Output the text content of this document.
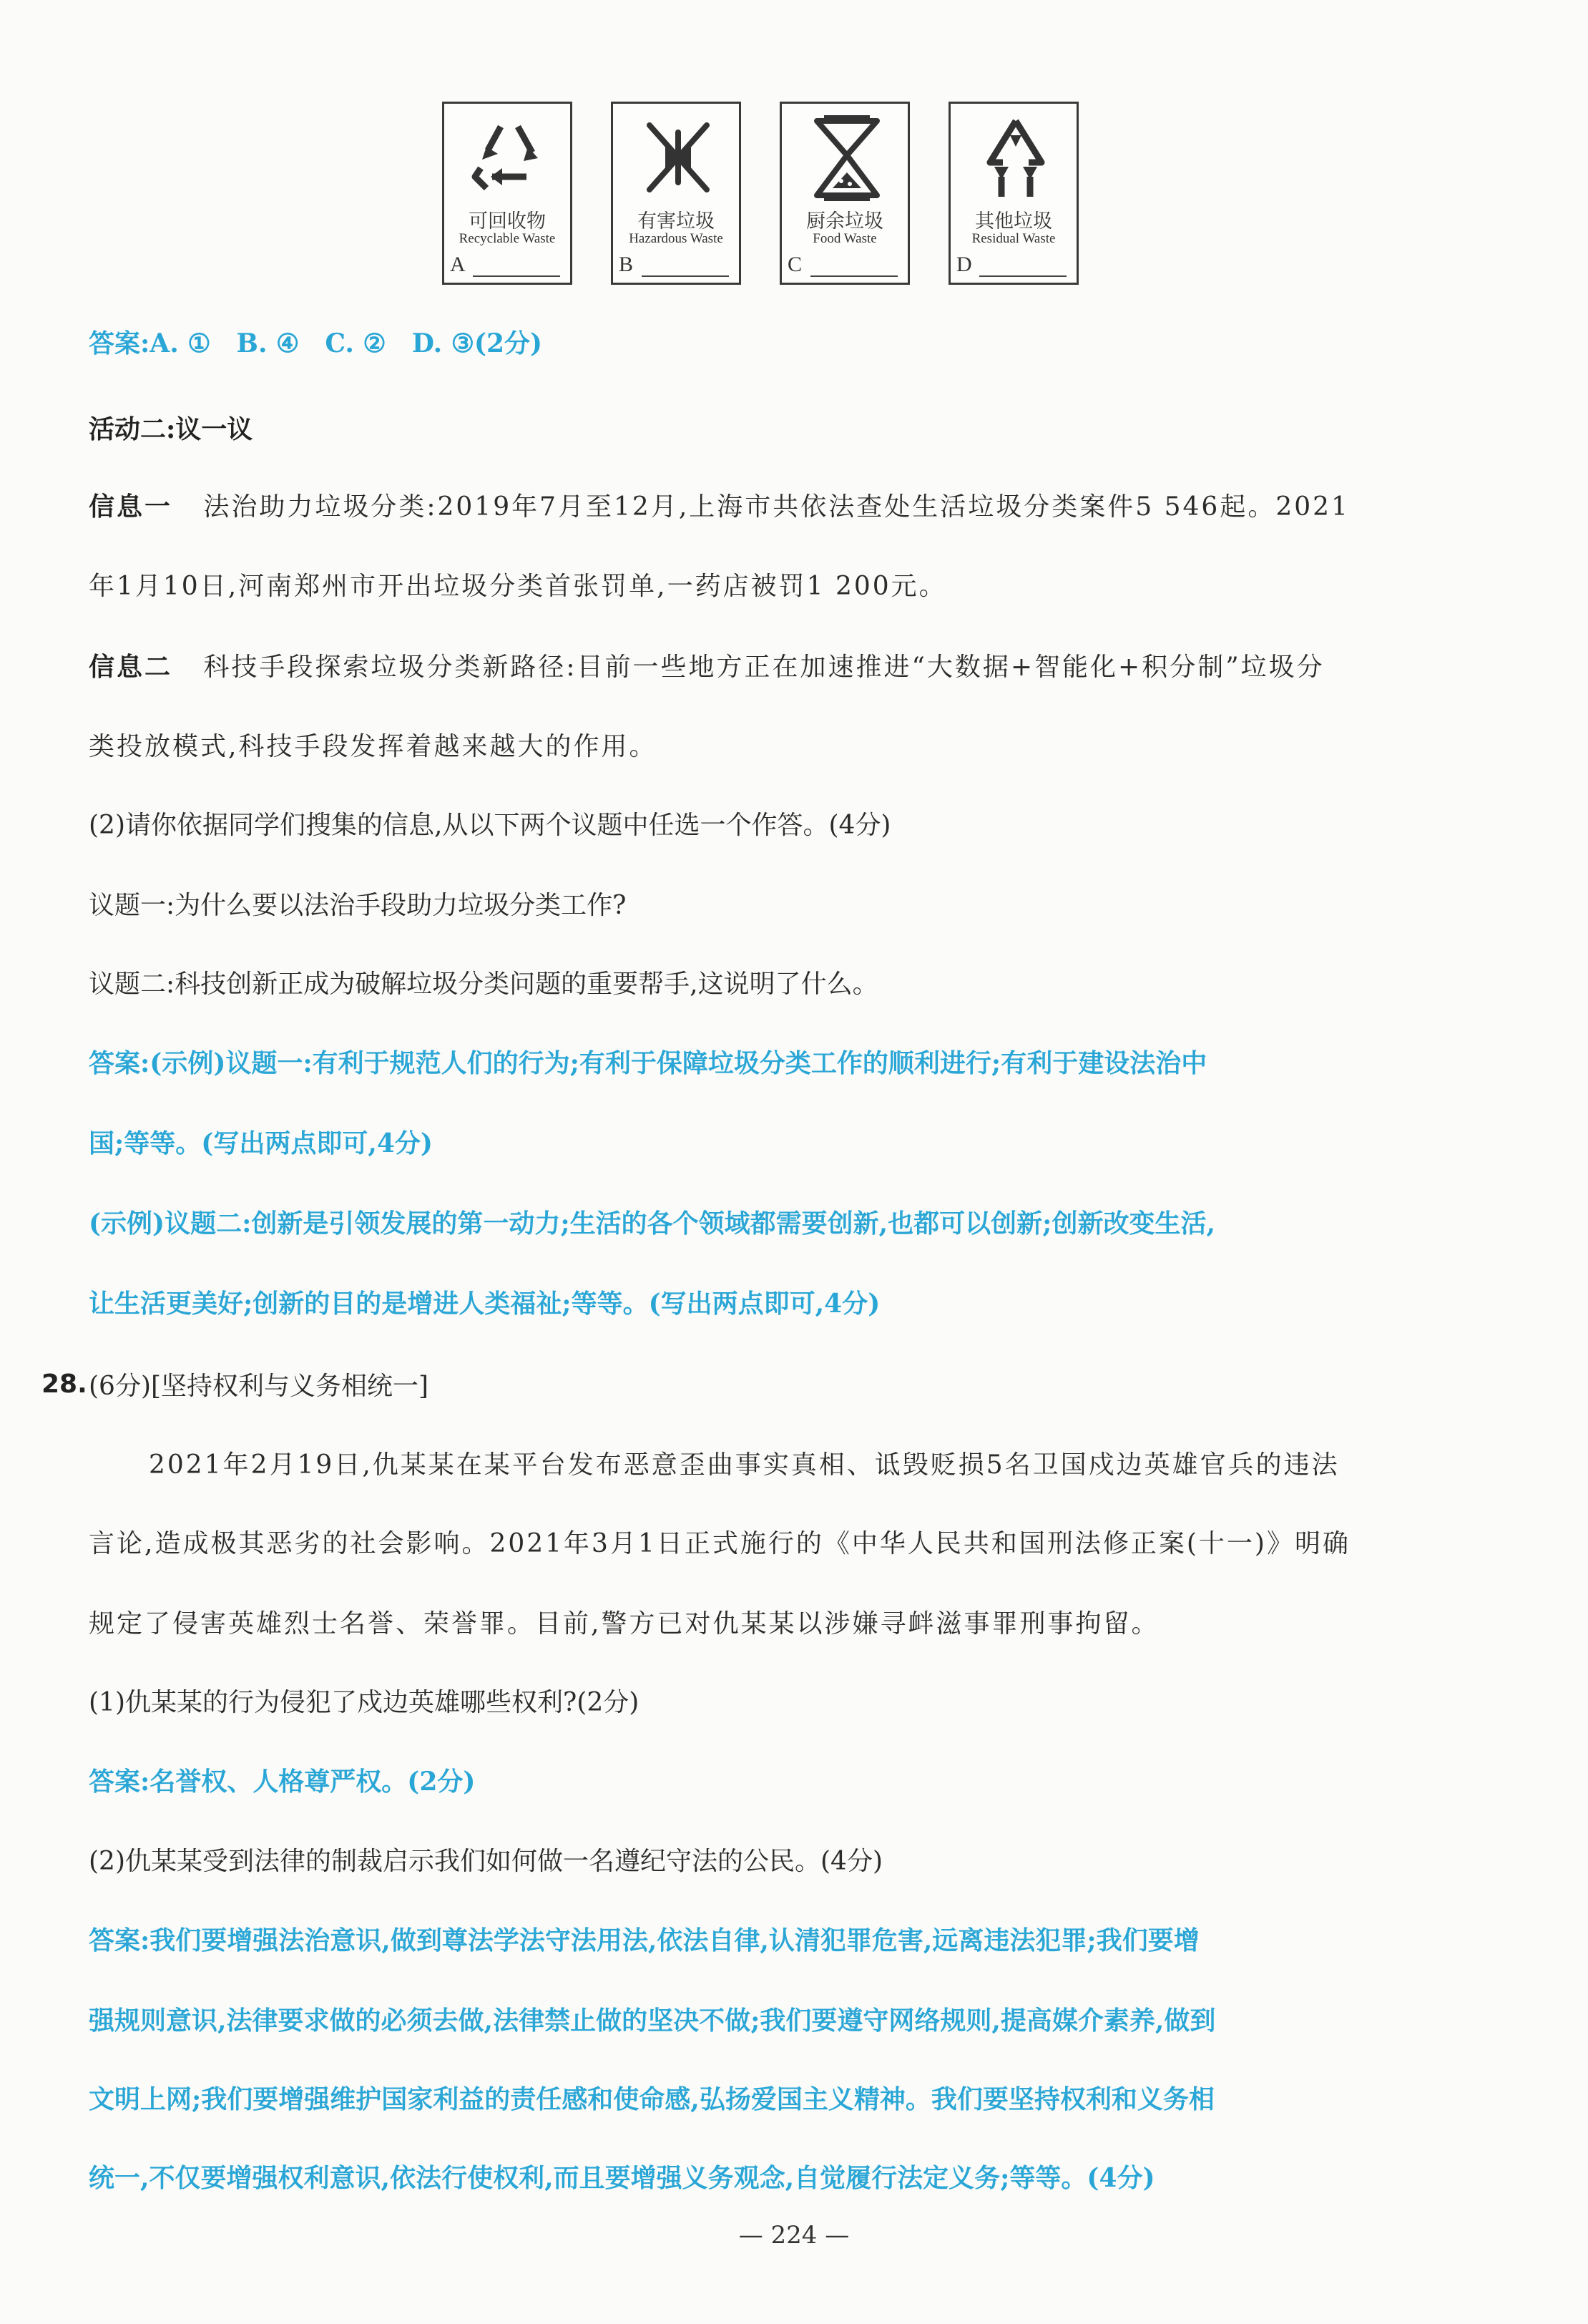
可回收物
Recyclable Waste
A
有害垃圾
Hazardous Waste
B
厨余垃圾
Food Waste
C
其他垃圾
Residual Waste
D
答案:A. ①　B. ④　C. ②　D. ③(2分)
活动二:议一议
信息一 法治助力垃圾分类:2019年7月至12月,上海市共依法查处生活垃圾分类案件5 546起。2021
年1月10日,河南郑州市开出垃圾分类首张罚单,一药店被罚1 200元。
信息二 科技手段探索垃圾分类新路径:目前一些地方正在加速推进“大数据+智能化+积分制”垃圾分
类投放模式,科技手段发挥着越来越大的作用。
(2)请你依据同学们搜集的信息,从以下两个议题中任选一个作答。(4分)
议题一:为什么要以法治手段助力垃圾分类工作?
议题二:科技创新正成为破解垃圾分类问题的重要帮手,这说明了什么。
答案:(示例)议题一:有利于规范人们的行为;有利于保障垃圾分类工作的顺利进行;有利于建设法治中
国;等等。(写出两点即可,4分)
(示例)议题二:创新是引领发展的第一动力;生活的各个领域都需要创新,也都可以创新;创新改变生活,
让生活更美好;创新的目的是增进人类福祉;等等。(写出两点即可,4分)
28. (6分)[坚持权利与义务相统一]
2021年2月19日,仇某某在某平台发布恶意歪曲事实真相、诋毁贬损5名卫国戍边英雄官兵的违法
言论,造成极其恶劣的社会影响。2021年3月1日正式施行的《中华人民共和国刑法修正案(十一)》明确
规定了侵害英雄烈士名誉、荣誉罪。目前,警方已对仇某某以涉嫌寻衅滋事罪刑事拘留。
(1)仇某某的行为侵犯了戍边英雄哪些权利?(2分)
答案:名誉权、人格尊严权。(2分)
(2)仇某某受到法律的制裁启示我们如何做一名遵纪守法的公民。(4分)
答案:我们要增强法治意识,做到尊法学法守法用法,依法自律,认清犯罪危害,远离违法犯罪;我们要增
强规则意识,法律要求做的必须去做,法律禁止做的坚决不做;我们要遵守网络规则,提高媒介素养,做到
文明上网;我们要增强维护国家利益的责任感和使命感,弘扬爱国主义精神。我们要坚持权利和义务相
统一,不仅要增强权利意识,依法行使权利,而且要增强义务观念,自觉履行法定义务;等等。(4分)
— 224 —
